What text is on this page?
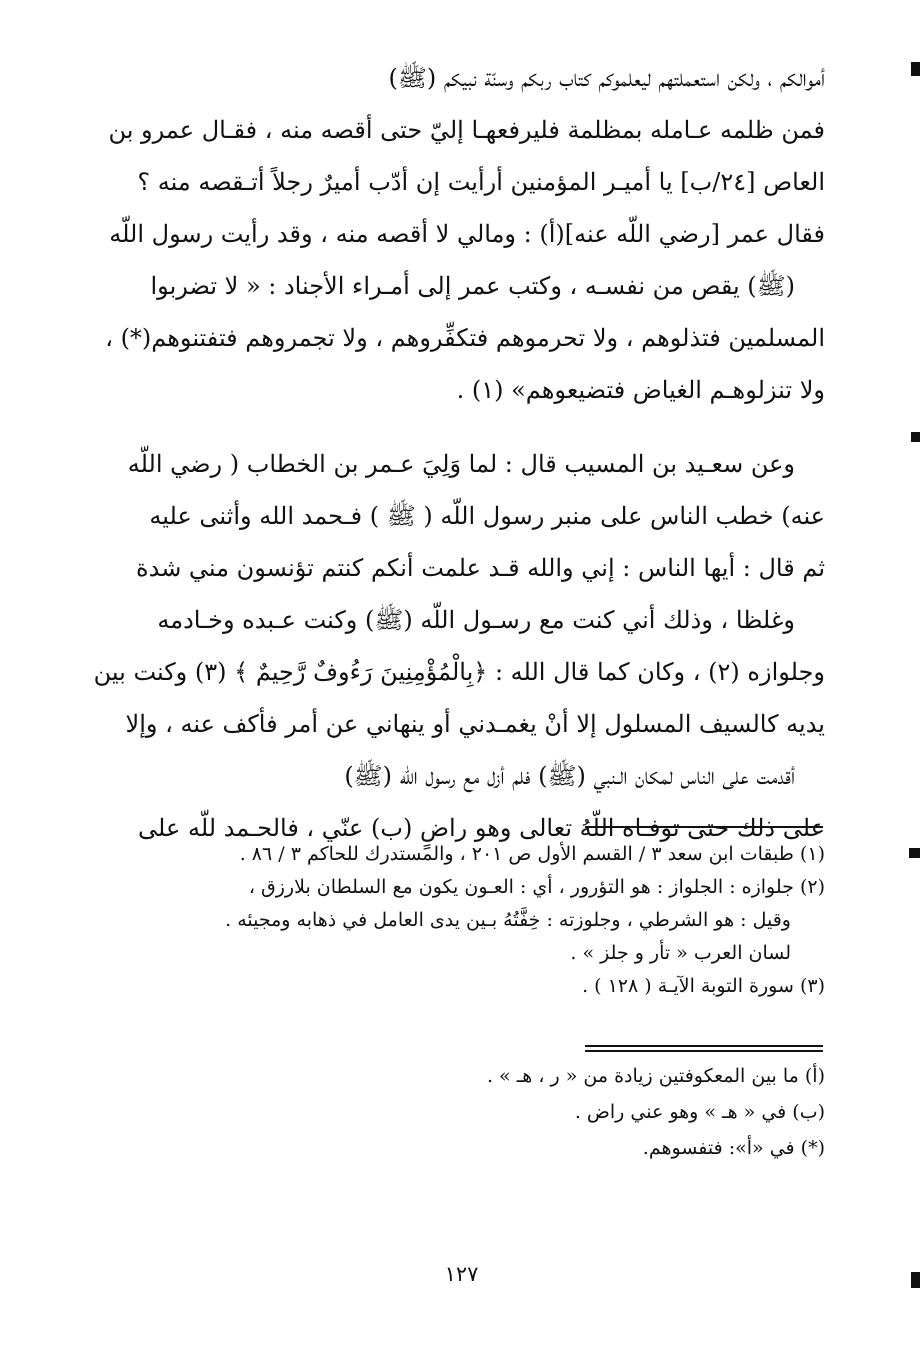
أموالكم ، ولكن استعملتهم ليعلموكم كتاب ربكم وسنّة نبيكم (ﷺ)
فمن ظلمه عـامله بمظلمة فليرفعهـا إليّ حتى أقصه منه ، فقـال عمرو بن
العاص [٢٤/ب] يا أميـر المؤمنين أرأيت إن أدّب أميرٌ رجلاً أتـقصه منه ؟
فقال عمر [رضي اللّه عنه](أ) : ومالي لا أقصه منه ، وقد رأيت رسول اللّه
(ﷺ) يقص من نفسـه ، وكتب عمر إلى أمـراء الأجناد : « لا تضربوا
المسلمين فتذلوهم ، ولا تحرموهم فتكفِّروهم ، ولا تجمروهم فتفتنوهم(*) ،
ولا تنزلوهـم الغياض فتضيعوهم» (١) .
وعن سعـيد بن المسيب قال : لما وَلِيَ عـمر بن الخطاب ( رضي اللّه
عنه) خطب الناس على منبر رسول اللّه ( ﷺ ) فـحمد الله وأثنى عليه
ثم قال : أيها الناس : إني والله قـد علمت أنكم كنتم تؤنسون مني شدة
وغلظا ، وذلك أني كنت مع رسـول اللّه (ﷺ) وكنت عـبده وخـادمه
وجلوازه (٢) ، وكان كما قال الله : ﴿بِالْمُؤْمِنِينَ رَءُوفٌ رَّحِيمٌ ﴾ (٣) وكنت بين
يديه كالسيف المسلول إلا أنْ يغمـدني أو ينهاني عن أمر فأكف عنه ، وإلا
أقدمت على الناس لمكان الـنبي (ﷺ) فلم أزل مع رسول اللّه (ﷺ)
على ذلك حتى توفـاه اللّهُ تعالى وهو راضٍ (ب) عنّي ، فالحـمد للّه على
(١) طبقات ابن سعد ٣ / القسم الأول ص ٢٠١ ، والمستدرك للحاكم ٣ / ٨٦ .
(٢) جلوازه : الجلواز : هو التؤرور ، أي : العـون يكون مع السلطان بلارزق ،
وقيل : هو الشرطي ، وجلوزته : خِفَّتُهُ بـين يدى العامل في ذهابه ومجيئه .
لسان العرب « تأر و جلز » .
(٣) سورة التوبة الآيـة ( ١٢٨ ) .
(أ) ما بين المعكوفتين زيادة من « ر ، هـ » .
(ب) في « هـ » وهو عني راض .
(*) في «أ»: فتفسوهم.
١٢٧
